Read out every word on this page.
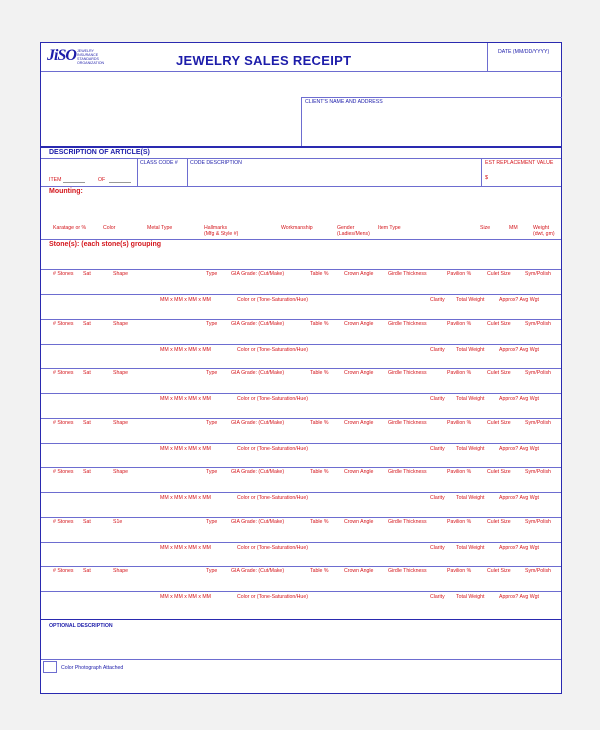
JiSO JEWELRY
INSURANCE
STANDARDS
ORGANIZATION	JEWELRY SALES RECEIPT
DATE (MM/DD/YYYY)
CLIENT'S NAME AND ADDRESS
DESCRIPTION OF ARTICLE(S)
CLASS CODE # CODE DESCRIPTION	EST REPLACEMENT VALUE
ITEM	OF	$
Mounting:
Karatage or %	Color	Metal Type	Hallmarks
(Mfg & Style #)
Workmanship	Gender
(Ladies/Mens)
Item Type	Size	MM	Weight
(dwt, gm)
Stone(s): (each stone(s) grouping
# Stones Sat	Shape	Type	GIA Grade: (Cut/Make)	Table %	Crown Angle	Girdle Thickness	Pavilion %	Culet Size	Sym/Polish
MM x MM x MM x MM	Color or (Tone-Saturation/Hue)	Clarity Total Weight	Approx? Avg Wgt
# Stones Sat	Shape	Type	GIA Grade: (Cut/Make)	Table %	Crown Angle	Girdle Thickness	Pavilion %	Culet Size	Sym/Polish
MM x MM x MM x MM	Color or (Tone-Saturation/Hue)	Clarity Total Weight	Approx? Avg Wgt
# Stones Sat	Shape	Type	GIA Grade: (Cut/Make)	Table %	Crown Angle	Girdle Thickness	Pavilion %	Culet Size	Sym/Polish
MM x MM x MM x MM	Color or (Tone-Saturation/Hue)	Clarity Total Weight	Approx? Avg Wgt
# Stones Sat	Shape	Type	GIA Grade: (Cut/Make)	Table %	Crown Angle	Girdle Thickness	Pavilion %	Culet Size	Sym/Polish
MM x MM x MM x MM	Color or (Tone-Saturation/Hue)	Clarity Total Weight	Approx? Avg Wgt
# Stones Sat	Shape	Type	GIA Grade: (Cut/Make)	Table %	Crown Angle	Girdle Thickness	Pavilion %	Culet Size	Sym/Polish
MM x MM x MM x MM	Color or (Tone-Saturation/Hue)	Clarity Total Weight	Approx? Avg Wgt
# Stones Sat	S1e	Type	GIA Grade: (Cut/Make)	Table %	Crown Angle	Girdle Thickness	Pavilion %	Culet Size	Sym/Polish
MM x MM x MM x MM	Color or (Tone-Saturation/Hue)	Clarity Total Weight	Approx? Avg Wgt
# Stones Sat	Shape	Type	GIA Grade: (Cut/Make)	Table %	Crown Angle	Girdle Thickness	Pavilion %	Culet Size	Sym/Polish
MM x MM x MM x MM	Color or (Tone-Saturation/Hue)	Clarity Total Weight	Approx? Avg Wgt
OPTIONAL DESCRIPTION
Color Photograph Attached
